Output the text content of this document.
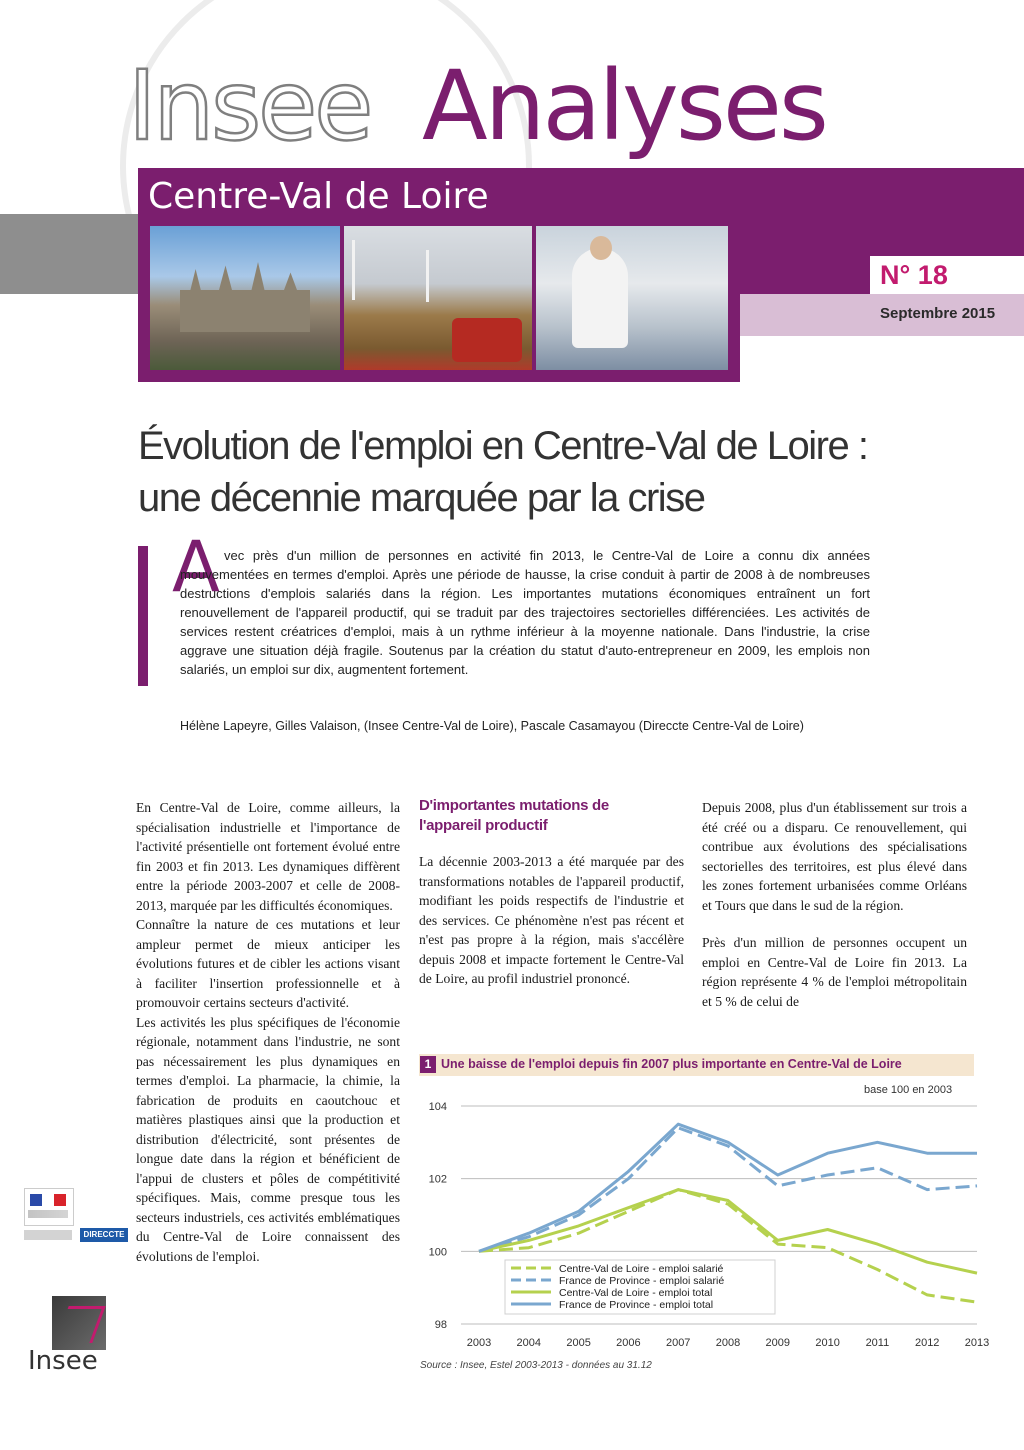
Insee Analyses
Centre-Val de Loire
N° 18
Septembre 2015
Évolution de l'emploi en Centre-Val de Loire : une décennie marquée par la crise
A vec près d'un million de personnes en activité fin 2013, le Centre-Val de Loire a connu dix années mouvementées en termes d'emploi. Après une période de hausse, la crise conduit à partir de 2008 à de nombreuses destructions d'emplois salariés dans la région. Les importantes mutations économiques entraînent un fort renouvellement de l'appareil productif, qui se traduit par des trajectoires sectorielles différenciées. Les activités de services restent créatrices d'emploi, mais à un rythme inférieur à la moyenne nationale. Dans l'industrie, la crise aggrave une situation déjà fragile. Soutenus par la création du statut d'auto-entrepreneur en 2009, les emplois non salariés, un emploi sur dix, augmentent fortement.
Hélène Lapeyre, Gilles Valaison, (Insee Centre-Val de Loire), Pascale Casamayou (Direccte Centre-Val de Loire)

En Centre-Val de Loire, comme ailleurs, la spécialisation industrielle et l'importance de l'activité présentielle ont fortement évolué entre fin 2003 et fin 2013. Les dynamiques diffèrent entre la période 2003-2007 et celle de 2008-2013, marquée par les difficultés économiques.

Connaître la nature de ces mutations et leur ampleur permet de mieux anticiper les évolutions futures et de cibler les actions visant à faciliter l'insertion professionnelle et à promouvoir certains secteurs d'activité.

Les activités les plus spécifiques de l'économie régionale, notamment dans l'industrie, ne sont pas nécessairement les plus dynamiques en termes d'emploi. La pharmacie, la chimie, la fabrication de produits en caoutchouc et matières plastiques ainsi que la production et distribution d'électricité, sont présentes de longue date dans la région et bénéficient de l'appui de clusters et pôles de compétitivité spécifiques. Mais, comme presque tous les secteurs industriels, ces activités emblématiques du Centre-Val de Loire connaissent des évolutions de l'emploi.

D'importantes mutations de l'appareil productif

La décennie 2003-2013 a été marquée par des transformations notables de l'appareil productif, modifiant les poids respectifs de l'industrie et des services. Ce phénomène n'est pas récent et n'est pas propre à la région, mais s'accélère depuis 2008 et impacte fortement le Centre-Val de Loire, au profil industriel prononcé.

Depuis 2008, plus d'un établissement sur trois a été créé ou a disparu. Ce renouvellement, qui contribue aux évolutions des spécialisations sectorielles des territoires, est plus élevé dans les zones fortement urbanisées comme Orléans et Tours que dans le sud de la région.

Près d'un million de personnes occupent un emploi en Centre-Val de Loire fin 2013. La région représente 4 % de l'emploi métropolitain et 5 % de celui de

1 Une baisse de l'emploi depuis fin 2007 plus importante en Centre-Val de Loire
base 100 en 2003
98
100
102
104
2003 2004 2005 2006 2007 2008 2009 2010 2011 2012 2013
Centre-Val de Loire - emploi salarié
France de Province - emploi salarié
Centre-Val de Loire - emploi total
France de Province - emploi total
Source : Insee, Estel 2003-2013 - données au 31.12
DIRECCTE
Insee
